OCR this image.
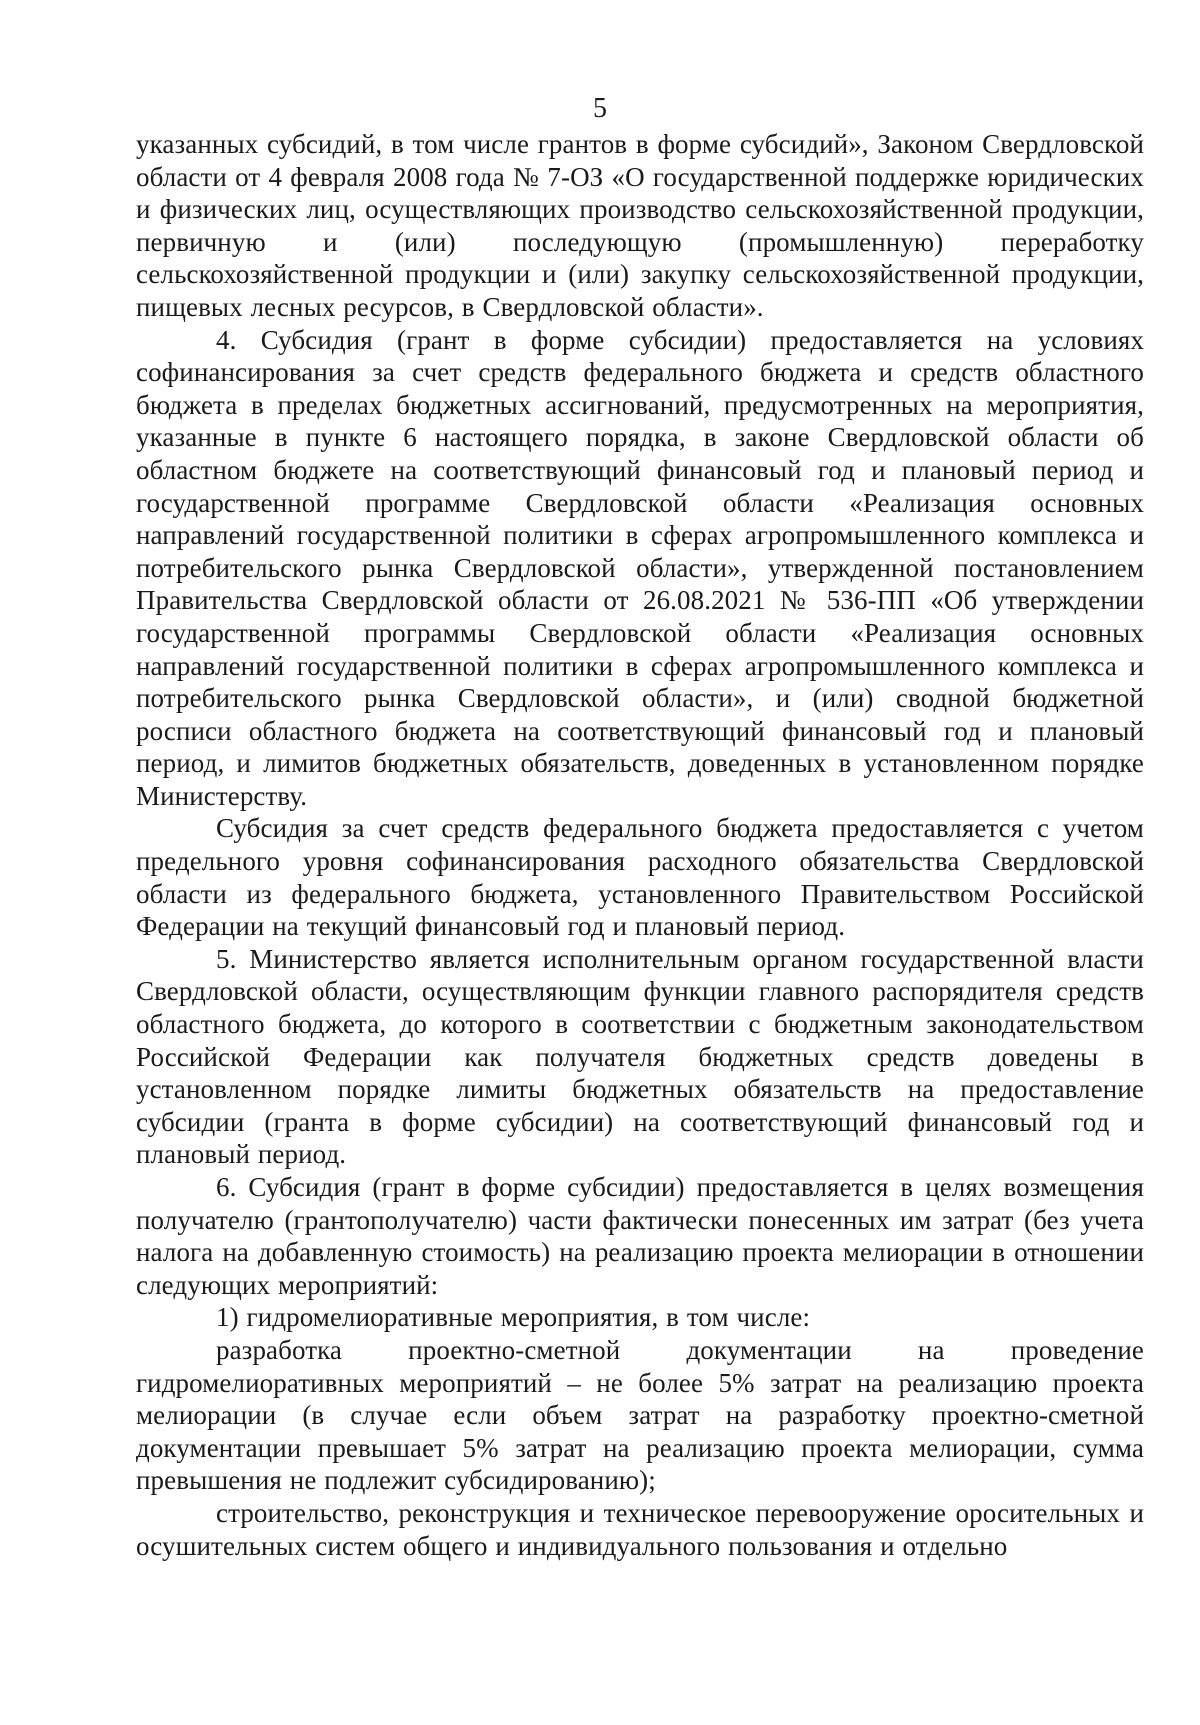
5

указанных субсидий, в том числе грантов в форме субсидий», Законом Свердловской области от 4 февраля 2008 года № 7-ОЗ «О государственной поддержке юридических и физических лиц, осуществляющих производство сельскохозяйственной продукции, первичную и (или) последующую (промышленную) переработку сельскохозяйственной продукции и (или) закупку сельскохозяйственной продукции, пищевых лесных ресурсов, в Свердловской области».

4. Субсидия (грант в форме субсидии) предоставляется на условиях софинансирования за счет средств федерального бюджета и средств областного бюджета в пределах бюджетных ассигнований, предусмотренных на мероприятия, указанные в пункте 6 настоящего порядка, в законе Свердловской области об областном бюджете на соответствующий финансовый год и плановый период и государственной программе Свердловской области «Реализация основных направлений государственной политики в сферах агропромышленного комплекса и потребительского рынка Свердловской области», утвержденной постановлением Правительства Свердловской области от 26.08.2021 № 536-ПП «Об утверждении государственной программы Свердловской области «Реализация основных направлений государственной политики в сферах агропромышленного комплекса и потребительского рынка Свердловской области», и (или) сводной бюджетной росписи областного бюджета на соответствующий финансовый год и плановый период, и лимитов бюджетных обязательств, доведенных в установленном порядке Министерству.

Субсидия за счет средств федерального бюджета предоставляется с учетом предельного уровня софинансирования расходного обязательства Свердловской области из федерального бюджета, установленного Правительством Российской Федерации на текущий финансовый год и плановый период.

5. Министерство является исполнительным органом государственной власти Свердловской области, осуществляющим функции главного распорядителя средств областного бюджета, до которого в соответствии с бюджетным законодательством Российской Федерации как получателя бюджетных средств доведены в установленном порядке лимиты бюджетных обязательств на предоставление субсидии (гранта в форме субсидии) на соответствующий финансовый год и плановый период.

6. Субсидия (грант в форме субсидии) предоставляется в целях возмещения получателю (грантополучателю) части фактически понесенных им затрат (без учета налога на добавленную стоимость) на реализацию проекта мелиорации в отношении следующих мероприятий:

1) гидромелиоративные мероприятия, в том числе:

разработка проектно-сметной документации на проведение гидромелиоративных мероприятий – не более 5% затрат на реализацию проекта мелиорации (в случае если объем затрат на разработку проектно-сметной документации превышает 5% затрат на реализацию проекта мелиорации, сумма превышения не подлежит субсидированию);

строительство, реконструкция и техническое перевооружение оросительных и осушительных систем общего и индивидуального пользования и отдельно
